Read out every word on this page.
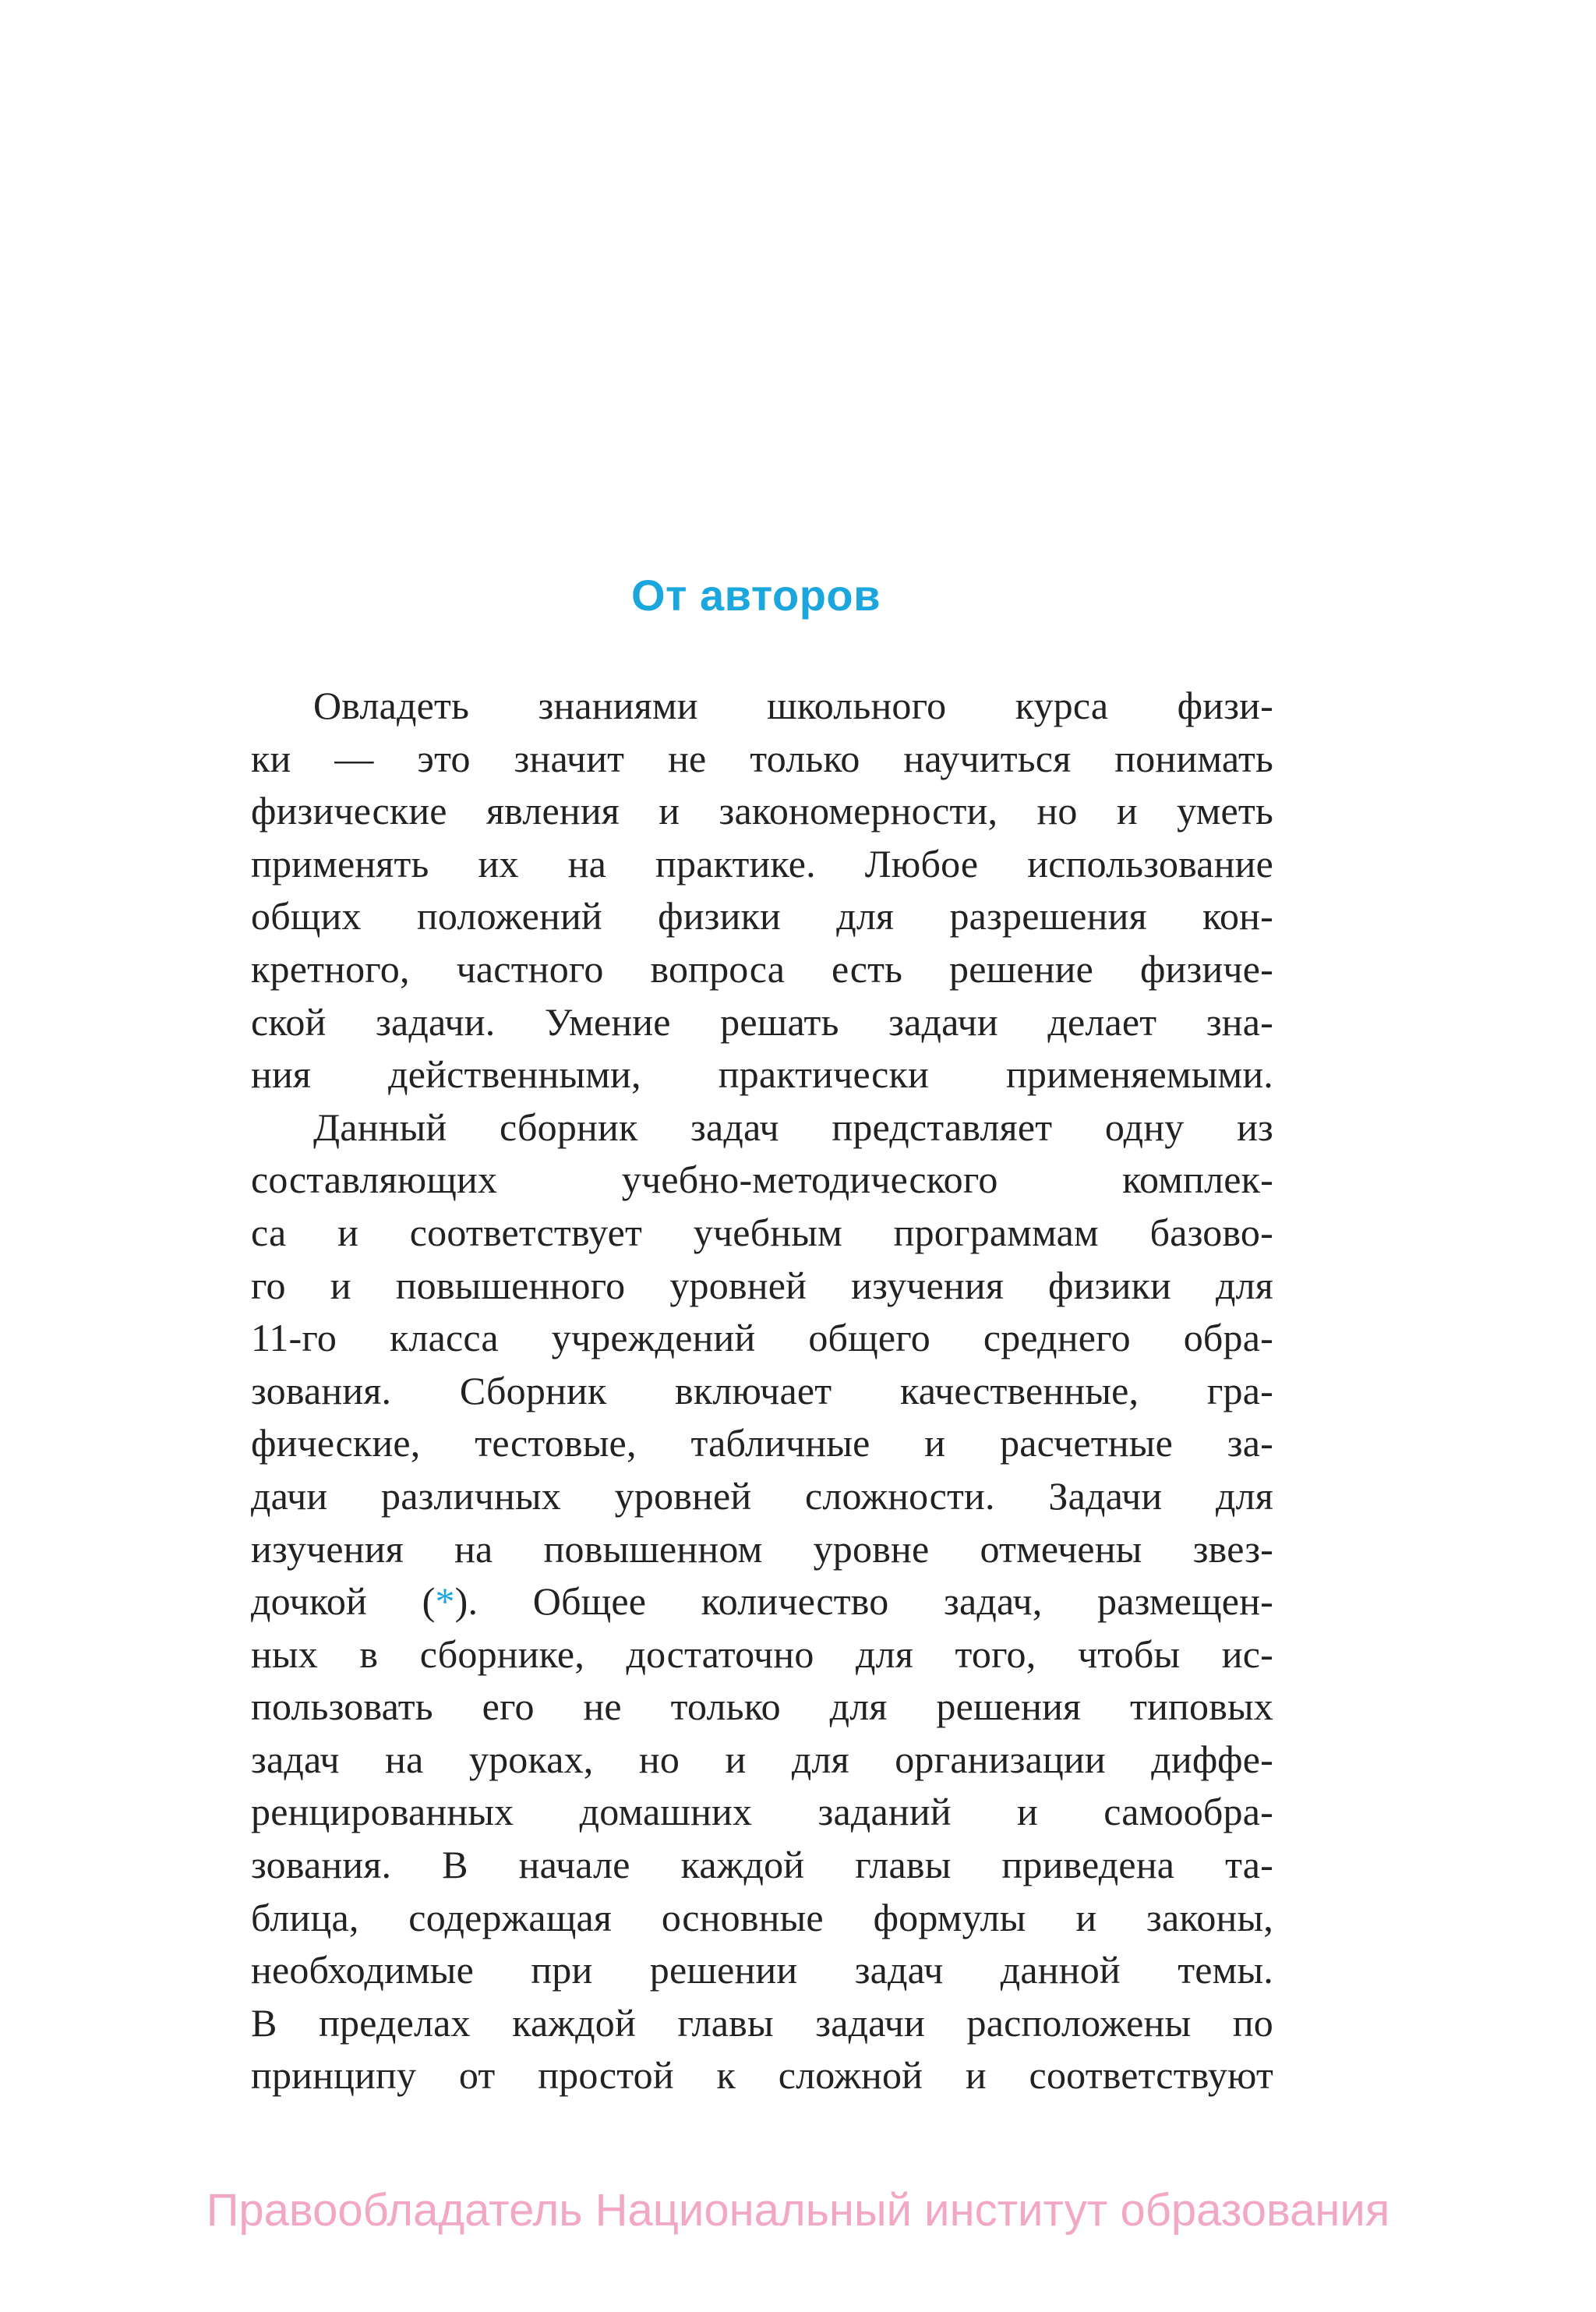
От авторов
Овладеть знаниями школьного курса физи-
ки — это значит не только научиться понимать
физические явления и закономерности, но и уметь
применять их на практике. Любое использование
общих положений физики для разрешения кон-
кретного, частного вопроса есть решение физиче-
ской задачи. Умение решать задачи делает зна-
ния действенными, практически применяемыми.
Данный сборник задач представляет одну из
составляющих учебно-методического комплек-
са и соответствует учебным программам базово-
го и повышенного уровней изучения физики для
11-го класса учреждений общего среднего обра-
зования. Сборник включает качественные, гра-
фические, тестовые, табличные и расчетные за-
дачи различных уровней сложности. Задачи для
изучения на повышенном уровне отмечены звез-
дочкой (*). Общее количество задач, размещен-
ных в сборнике, достаточно для того, чтобы ис-
пользовать его не только для решения типовых
задач на уроках, но и для организации диффе-
ренцированных домашних заданий и самообра-
зования. В начале каждой главы приведена та-
блица, содержащая основные формулы и законы,
необходимые при решении задач данной темы.
В пределах каждой главы задачи расположены по
принципу от простой к сложной и соответствуют
Правообладатель Национальный институт образования
